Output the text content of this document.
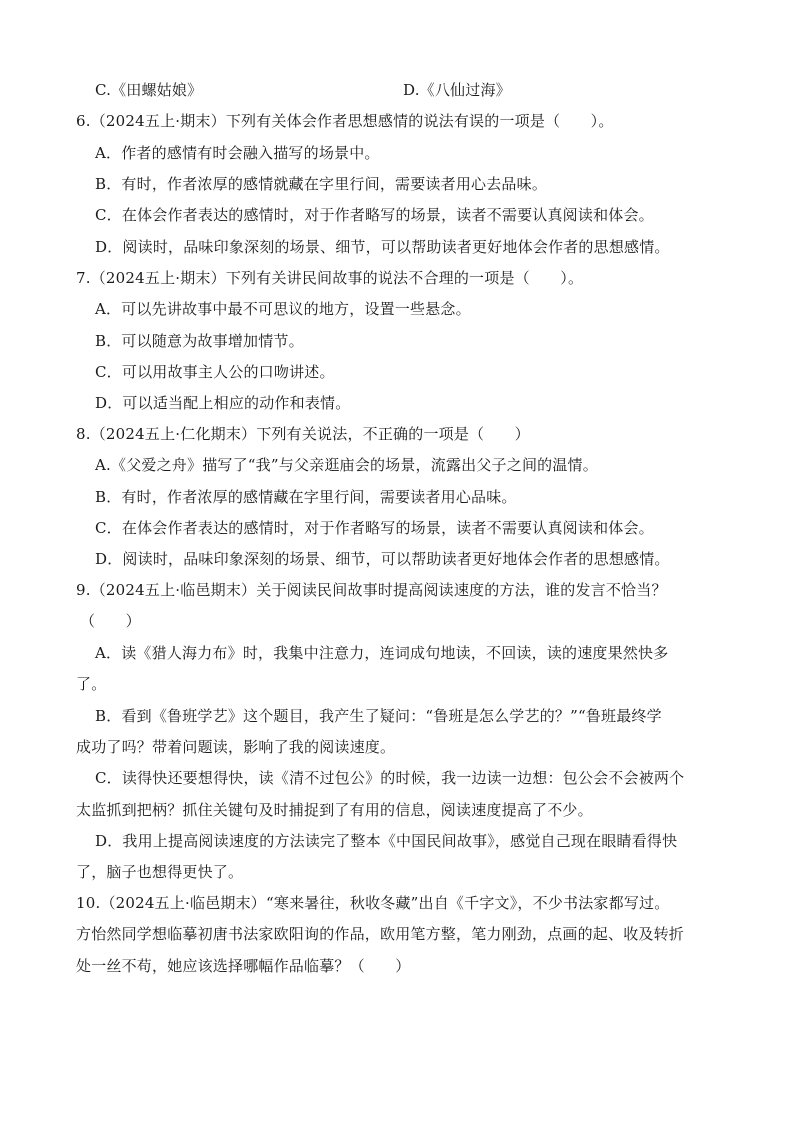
C.《田螺姑娘》	D.《八仙过海》
6.（2024五上·期末）下列有关体会作者思想感情的说法有误的一项是（　　）。
A．作者的感情有时会融入描写的场景中。
B．有时，作者浓厚的感情就藏在字里行间，需要读者用心去品味。
C．在体会作者表达的感情时，对于作者略写的场景，读者不需要认真阅读和体会。
D．阅读时，品味印象深刻的场景、细节，可以帮助读者更好地体会作者的思想感情。
7.（2024五上·期末）下列有关讲民间故事的说法不合理的一项是（　　）。
A．可以先讲故事中最不可思议的地方，设置一些悬念。
B．可以随意为故事增加情节。
C．可以用故事主人公的口吻讲述。
D．可以适当配上相应的动作和表情。
8.（2024五上·仁化期末）下列有关说法，不正确的一项是（　　）
A.《父爱之舟》描写了“我”与父亲逛庙会的场景，流露出父子之间的温情。
B．有时，作者浓厚的感情藏在字里行间，需要读者用心品味。
C．在体会作者表达的感情时，对于作者略写的场景，读者不需要认真阅读和体会。
D．阅读时，品味印象深刻的场景、细节，可以帮助读者更好地体会作者的思想感情。
9.（2024五上·临邑期末）关于阅读民间故事时提高阅读速度的方法，谁的发言不恰当？
（　　）
A．读《猎人海力布》时，我集中注意力，连词成句地读，不回读，读的速度果然快多
了。
B．看到《鲁班学艺》这个题目，我产生了疑问：“鲁班是怎么学艺的？”“鲁班最终学
成功了吗？带着问题读，影响了我的阅读速度。
C．读得快还要想得快，读《清不过包公》的时候，我一边读一边想：包公会不会被两个
太监抓到把柄？抓住关键句及时捕捉到了有用的信息，阅读速度提高了不少。
D．我用上提高阅读速度的方法读完了整本《中国民间故事》，感觉自己现在眼睛看得快
了，脑子也想得更快了。
10.（2024五上·临邑期末）“寒来暑往，秋收冬藏”出自《千字文》，不少书法家都写过。
方怡然同学想临摹初唐书法家欧阳询的作品，欧用笔方整，笔力刚劲，点画的起、收及转折
处一丝不苟，她应该选择哪幅作品临摹？（　　）
